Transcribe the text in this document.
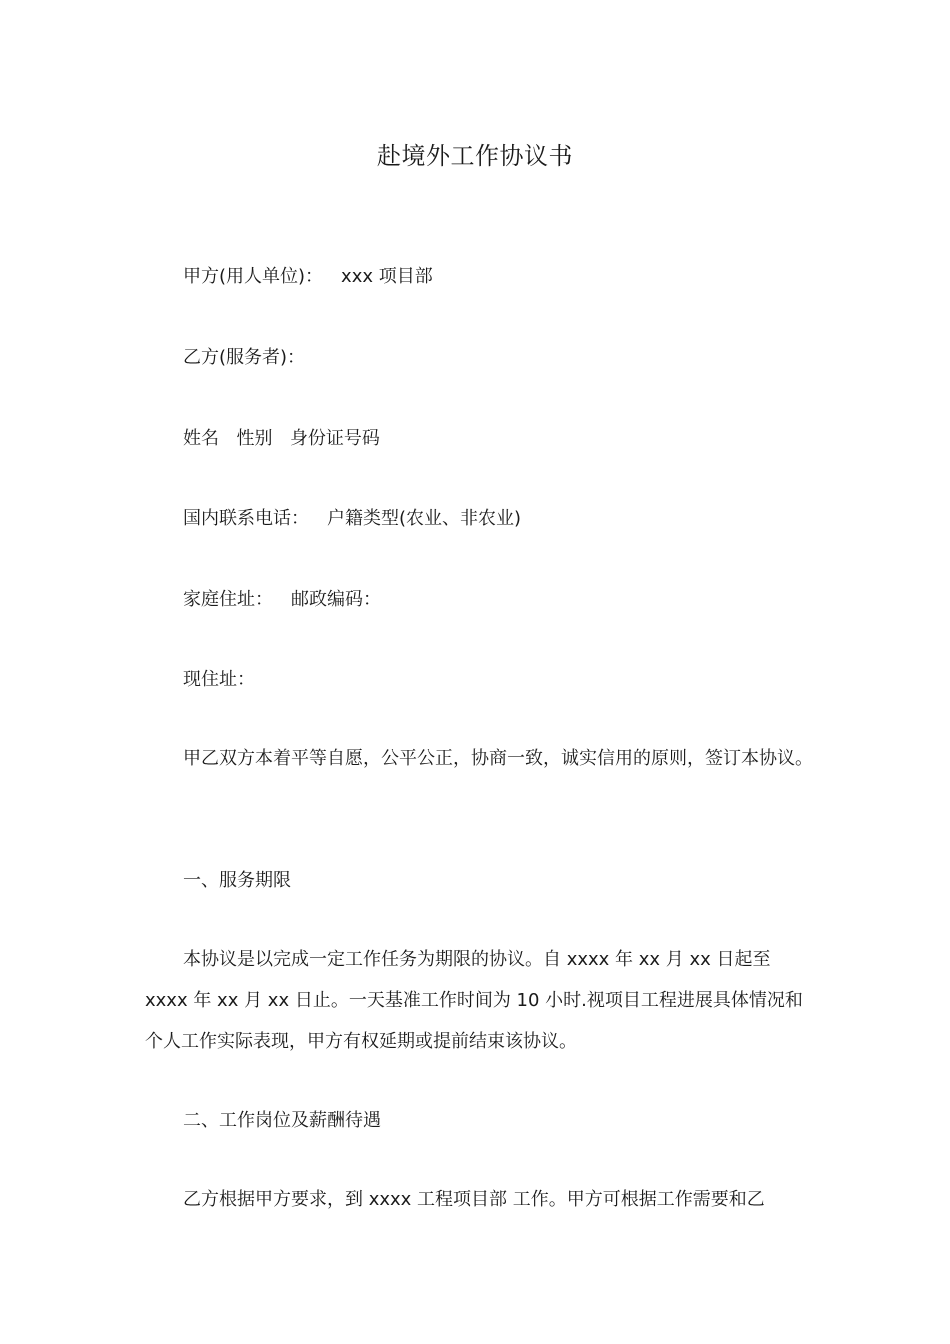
赴境外工作协议书
甲方(用人单位)： xxx 项目部
乙方(服务者)：
姓名 性别 身份证号码
国内联系电话： 户籍类型(农业、非农业)
家庭住址： 邮政编码：
现住址：
甲乙双方本着平等自愿，公平公正，协商一致，诚实信用的原则，签订本协议。
一、服务期限
本协议是以完成一定工作任务为期限的协议。自 xxxx 年 xx 月 xx 日起至 xxxx 年 xx 月 xx 日止。一天基准工作时间为 10 小时.视项目工程进展具体情况和个人工作实际表现，甲方有权延期或提前结束该协议。
二、工作岗位及薪酬待遇
乙方根据甲方要求，到 xxxx 工程项目部 工作。甲方可根据工作需要和乙
